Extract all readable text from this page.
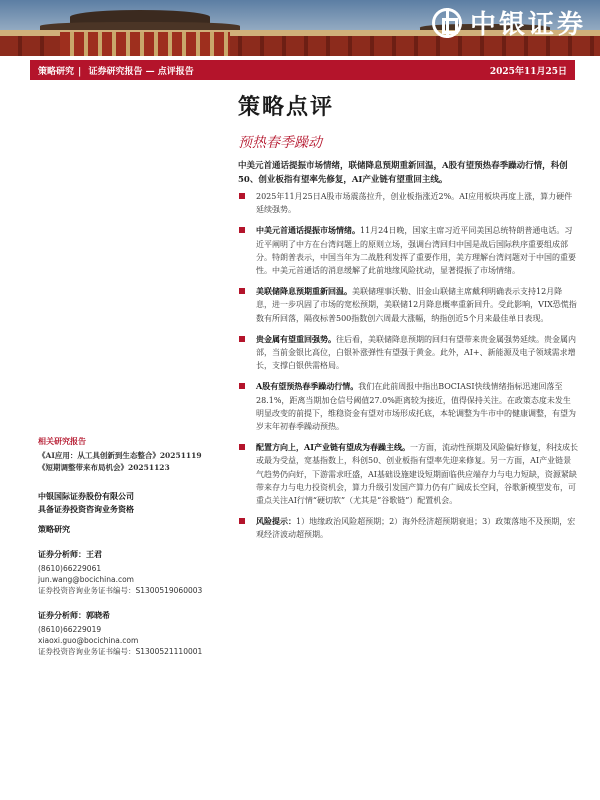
中银证券
策略研究 | 证券研究报告 — 点评报告	2025年11月25日
策略点评
预热春季躁动
中美元首通话提振市场情绪，联储降息预期重新回温，A股有望预热春季躁动行情，科创50、创业板指有望率先修复，AI产业链有望重回主线。
2025年11月25日A股市场震荡拉升，创业板指涨近2%。AI应用板块再度上涨，算力硬件延续强势。
中美元首通话提振市场情绪。11月24日晚，国家主席习近平同美国总统特朗普通电话。习近平阐明了中方在台湾问题上的原则立场，强调台湾回归中国是战后国际秩序重要组成部分。特朗普表示，中国当年为二战胜利发挥了重要作用，美方理解台湾问题对于中国的重要性。中美元首通话的消息缓解了此前地缘风险扰动，显著提振了市场情绪。
美联储降息预期重新回温。美联储理事沃勒、旧金山联储主席戴利明确表示支持12月降息，进一步巩固了市场的宽松预期，美联储12月降息概率重新回升。受此影响，VIX恐慌指数有所回落，隔夜标普500指数创六周最大涨幅，纳指创近5个月来最佳单日表现。
贵金属有望重回强势。往后看，美联储降息预期的回归有望带来贵金属强势延续。贵金属内部，当前金银比高位，白银补涨弹性有望强于黄金。此外，AI+、新能源及电子领域需求增长，支撑白银供需格局。
A股有望预热春季躁动行情。我们在此前周报中指出BOCIASI快线情绪指标迅速回落至28.1%，距离当期加仓信号阈值27.0%距离较为接近，值得保持关注。在政策态度未发生明显改变的前提下，维稳资金有望对市场形成托底，本轮调整为牛市中的健康调整，有望为岁末年初春季躁动预热。
配置方向上，AI产业链有望成为春躁主线。一方面，流动性预期及风险偏好修复，科技成长或最为受益，宽基指数上，科创50、创业板指有望率先迎来修复。另一方面，AI产业链景气趋势仍向好，下游需求旺盛，AI基础设施建设短期面临供应端存力与电力短缺，资源紧缺带来存力与电力投资机会，算力升级引发国产算力仍有广阔成长空间，谷歌新模型发布，可重点关注AI行情“硬切软”（尤其是“谷歌链”）配置机会。
风险提示：1）地缘政治风险超预期；2）海外经济超预期衰退；3）政策落地不及预期，宏观经济波动超预期。
相关研究报告
《AI应用：从工具创新到生态整合》20251119
《短期调整带来布局机会》20251123
中银国际证券股份有限公司
具备证券投资咨询业务资格
策略研究
证券分析师：王君
(8610)66229061
jun.wang@bocichina.com
证券投资咨询业务证书编号：S1300519060003
证券分析师：郭晓希
(8610)66229019
xiaoxi.guo@bocichina.com
证券投资咨询业务证书编号：S1300521110001
